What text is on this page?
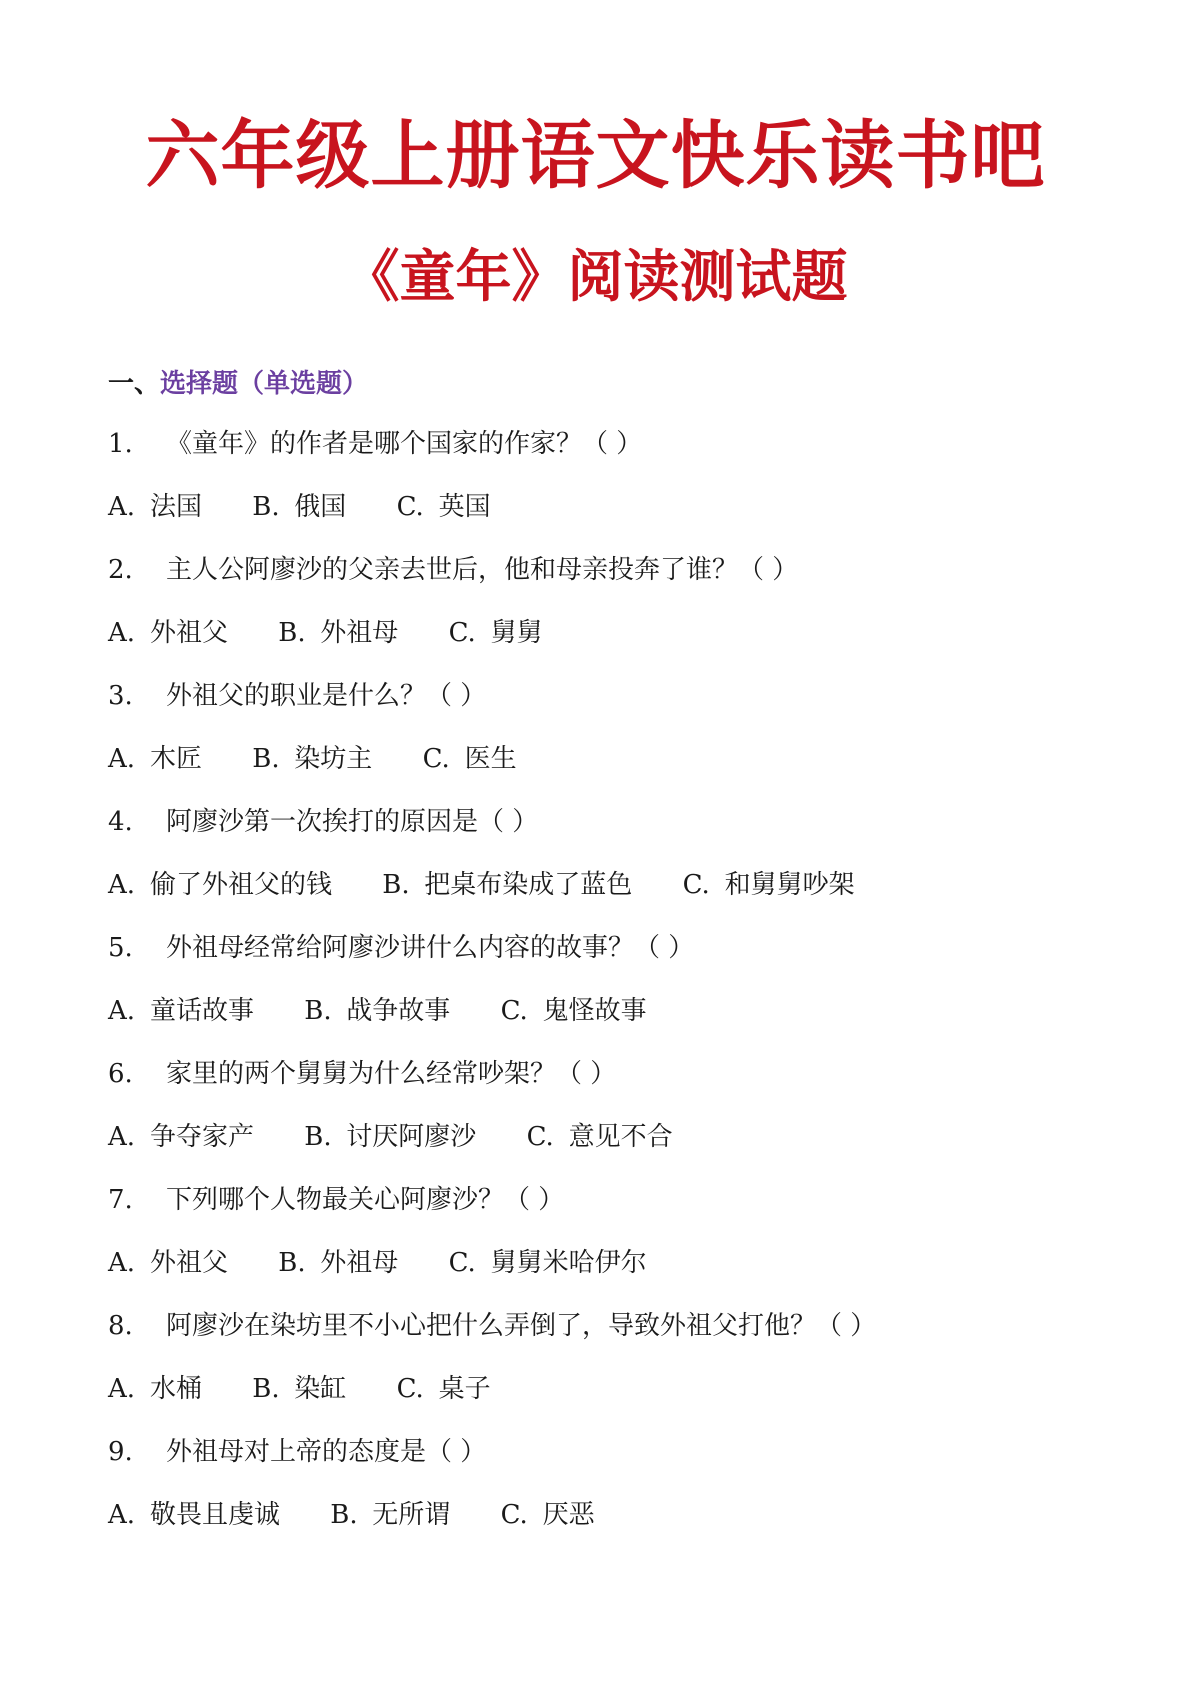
六年级上册语文快乐读书吧
《童年》阅读测试题
一、选择题（单选题）
1. 《童年》的作者是哪个国家的作家？（ ）
A. 法国 B. 俄国 C. 英国
2. 主人公阿廖沙的父亲去世后，他和母亲投奔了谁？（ ）
A. 外祖父 B. 外祖母 C. 舅舅
3. 外祖父的职业是什么？（ ）
A. 木匠 B. 染坊主 C. 医生
4. 阿廖沙第一次挨打的原因是（ ）
A. 偷了外祖父的钱 B. 把桌布染成了蓝色 C. 和舅舅吵架
5. 外祖母经常给阿廖沙讲什么内容的故事？（ ）
A. 童话故事 B. 战争故事 C. 鬼怪故事
6. 家里的两个舅舅为什么经常吵架？（ ）
A. 争夺家产 B. 讨厌阿廖沙 C. 意见不合
7. 下列哪个人物最关心阿廖沙？（ ）
A. 外祖父 B. 外祖母 C. 舅舅米哈伊尔
8. 阿廖沙在染坊里不小心把什么弄倒了，导致外祖父打他？（ ）
A. 水桶 B. 染缸 C. 桌子
9. 外祖母对上帝的态度是（ ）
A. 敬畏且虔诚 B. 无所谓 C. 厌恶
